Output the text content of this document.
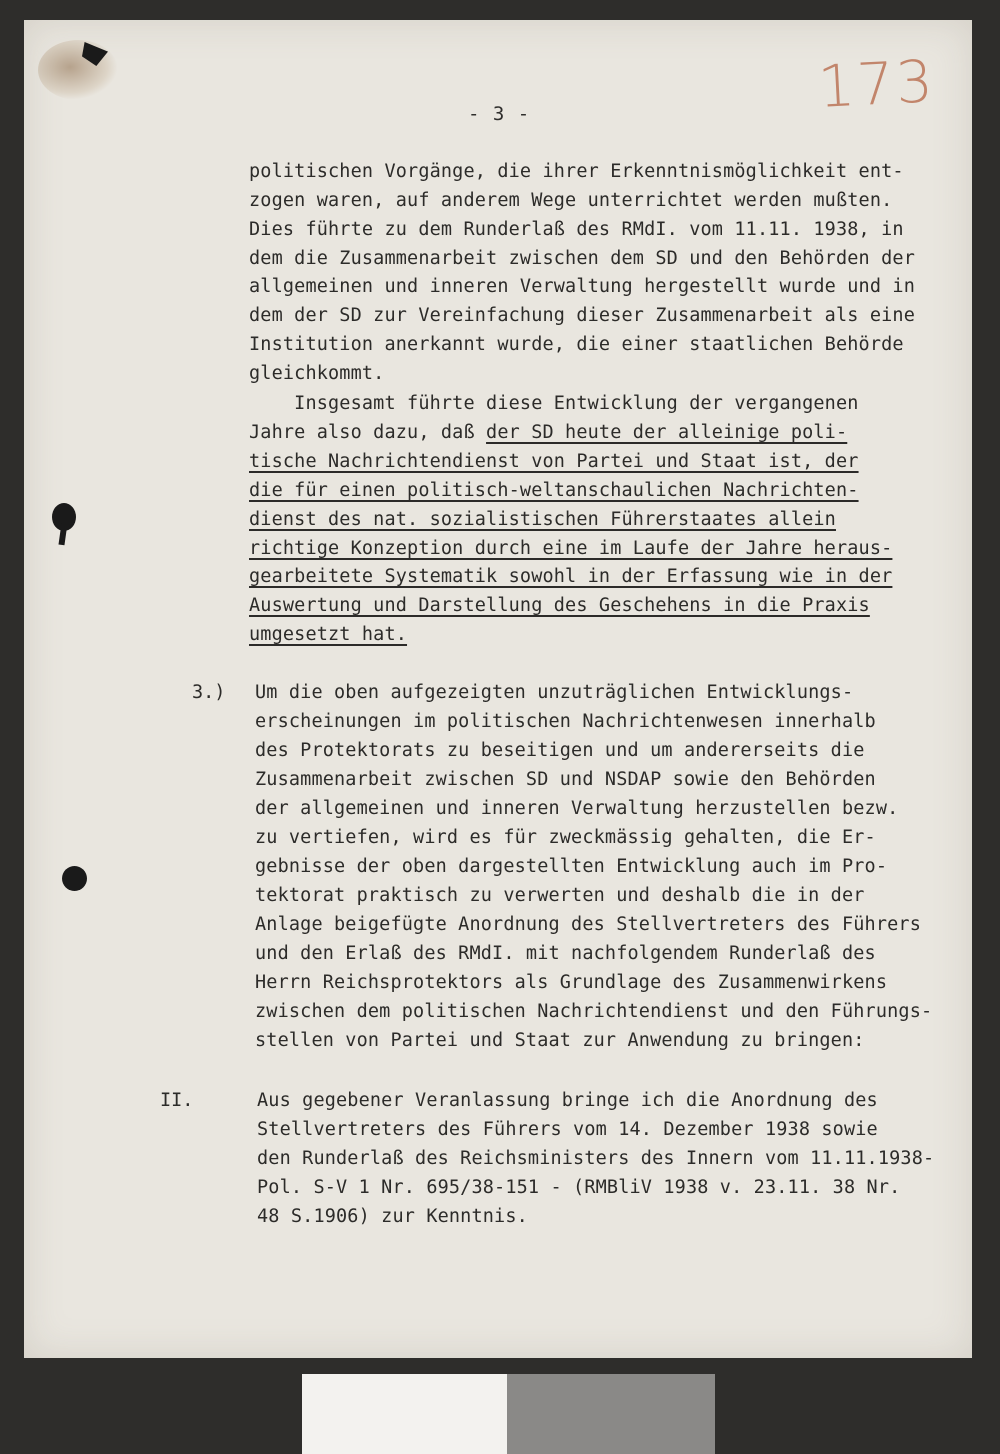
173
- 3 -
politischen Vorgänge, die ihrer Erkenntnismöglichkeit ent-
zogen waren, auf anderem Wege unterrichtet werden mußten.
Dies führte zu dem Runderlaß des RMdI. vom 11.11. 1938, in
dem die Zusammenarbeit zwischen dem SD und den Behörden der
allgemeinen und inneren Verwaltung hergestellt wurde und in
dem der SD zur Vereinfachung dieser Zusammenarbeit als eine
Institution anerkannt wurde, die einer staatlichen Behörde
gleichkommt.
Insgesamt führte diese Entwicklung der vergangenen
Jahre also dazu, daß der SD heute der alleinige poli-
tische Nachrichtendienst von Partei und Staat ist, der
die für einen politisch-weltanschaulichen Nachrichten-
dienst des nat. sozialistischen Führerstaates allein
richtige Konzeption durch eine im Laufe der Jahre heraus-
gearbeitete Systematik sowohl in der Erfassung wie in der
Auswertung und Darstellung des Geschehens in die Praxis
umgesetzt hat.
3.) Um die oben aufgezeigten unzuträglichen Entwicklungs-
erscheinungen im politischen Nachrichtenwesen innerhalb
des Protektorats zu beseitigen und um andererseits die
Zusammenarbeit zwischen SD und NSDAP sowie den Behörden
der allgemeinen und inneren Verwaltung herzustellen bezw.
zu vertiefen, wird es für zweckmässig gehalten, die Er-
gebnisse der oben dargestellten Entwicklung auch im Pro-
tektorat praktisch zu verwerten und deshalb die in der
Anlage beigefügte Anordnung des Stellvertreters des Führers
und den Erlaß des RMdI. mit nachfolgendem Runderlaß des
Herrn Reichsprotektors als Grundlage des Zusammenwirkens
zwischen dem politischen Nachrichtendienst und den Führungs-
stellen von Partei und Staat zur Anwendung zu bringen:
II.	Aus gegebener Veranlassung bringe ich die Anordnung des
Stellvertreters des Führers vom 14. Dezember 1938 sowie
den Runderlaß des Reichsministers des Innern vom 11.11.1938-
Pol. S-V 1 Nr. 695/38-151 - (RMBliV 1938 v. 23.11. 38 Nr.
48 S.1906) zur Kenntnis.
